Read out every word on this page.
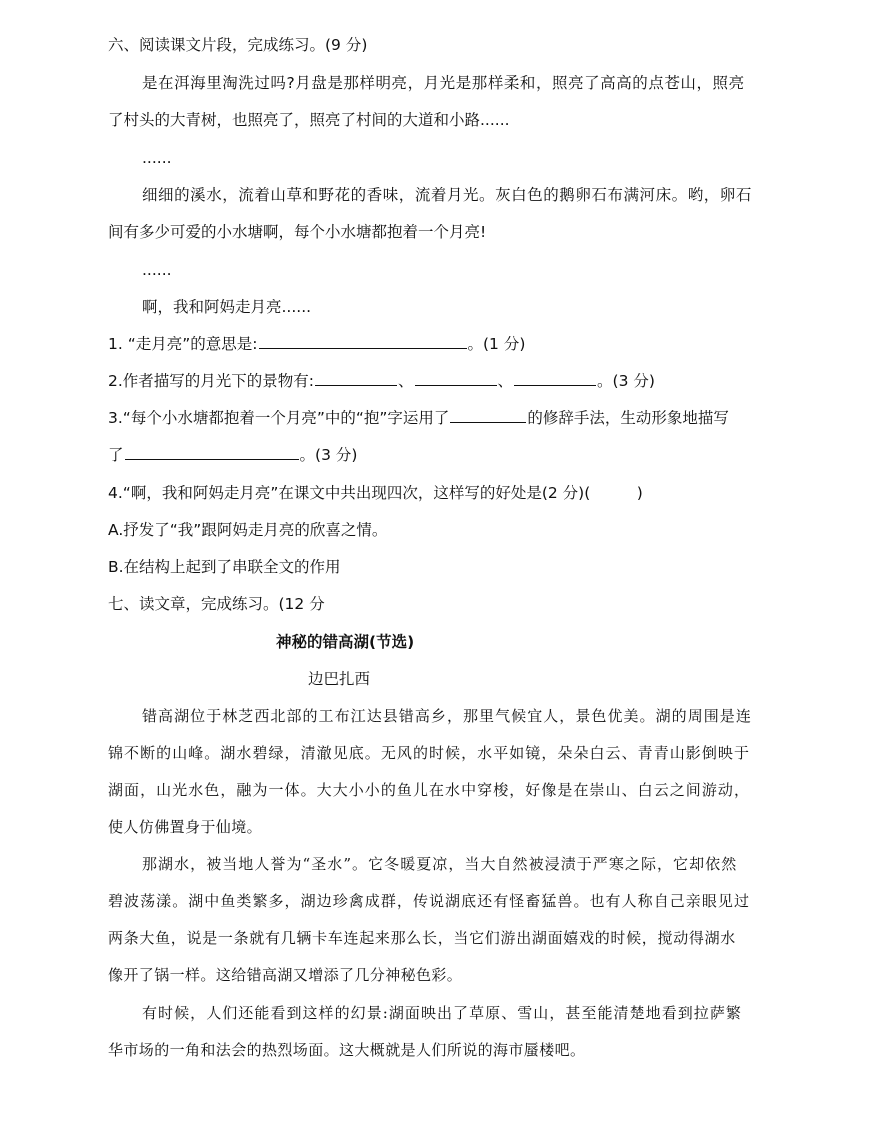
六、阅读课文片段，完成练习。(9 分)
是在洱海里淘洗过吗?月盘是那样明亮，月光是那样柔和，照亮了高高的点苍山，照亮
了村头的大青树，也照亮了，照亮了村间的大道和小路......
......
细细的溪水，流着山草和野花的香味，流着月光。灰白色的鹅卵石布满河床。哟，卵石
间有多少可爱的小水塘啊，每个小水塘都抱着一个月亮!
......
啊，我和阿妈走月亮......
1. “走月亮”的意思是:	。(1 分)
2.作者描写的月光下的景物有:	、	、	。(3 分)
3.“每个小水塘都抱着一个月亮”中的“抱”字运用了	的修辞手法，生动形象地描写
了	。(3 分)
4.“啊，我和阿妈走月亮”在课文中共出现四次，这样写的好处是(2 分)(　　　)
A.抒发了“我”跟阿妈走月亮的欣喜之情。
B.在结构上起到了串联全文的作用
七、读文章，完成练习。(12 分
神秘的错高湖(节选)
边巴扎西
错高湖位于林芝西北部的工布江达县错高乡，那里气候宜人，景色优美。湖的周围是连
锦不断的山峰。湖水碧绿，清澈见底。无风的时候，水平如镜，朵朵白云、青青山影倒映于
湖面，山光水色，融为一体。大大小小的鱼儿在水中穿梭，好像是在崇山、白云之间游动，
使人仿佛置身于仙境。
那湖水，被当地人誉为“圣水”。它冬暖夏凉，当大自然被浸渍于严寒之际，它却依然
碧波荡漾。湖中鱼类繁多，湖边珍禽成群，传说湖底还有怪畜猛兽。也有人称自己亲眼见过
两条大鱼，说是一条就有几辆卡车连起来那么长，当它们游出湖面嬉戏的时候，搅动得湖水
像开了锅一样。这给错高湖又增添了几分神秘色彩。
有时候，人们还能看到这样的幻景:湖面映出了草原、雪山，甚至能清楚地看到拉萨繁
华市场的一角和法会的热烈场面。这大概就是人们所说的海市蜃楼吧。
